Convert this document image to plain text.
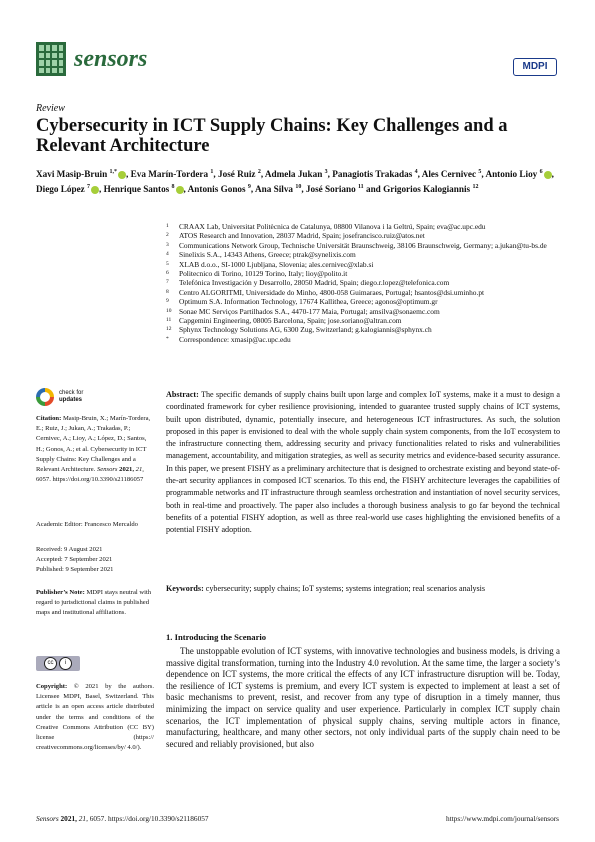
sensors	MDPI
Review
Cybersecurity in ICT Supply Chains: Key Challenges and a Relevant Architecture
Xavi Masip-Bruin $^{1,*}$ , Eva Marín-Tordera $^1$, José Ruiz $^2$, Admela Jukan $^3$, Panagiotis Trakadas $^4$, Ales Cernivec $^5$, Antonio Lioy $^6$ , Diego López $^7$ , Henrique Santos $^8$ , Antonis Gonos $^9$, Ana Silva $^{10}$, José Soriano $^{11}$ and Grigorios Kalogiannis $^{12}$
1	CRAAX Lab, Universitat Politècnica de Catalunya, 08800 Vilanova i la Geltrú, Spain; eva@ac.upc.edu
2	ATOS Research and Innovation, 28037 Madrid, Spain; josefrancisco.ruiz@atos.net
3	Communications Network Group, Technische Universität Braunschweig, 38106 Braunschweig, Germany; a.jukan@tu-bs.de
4	Sinelixis S.A., 14343 Athens, Greece; ptrak@synelixis.com
5	XLAB d.o.o., SI-1000 Ljubljana, Slovenia; ales.cernivec@xlab.si
6	Politecnico di Torino, 10129 Torino, Italy; lioy@polito.it
7	Telefónica Investigación y Desarrollo, 28050 Madrid, Spain; diego.r.lopez@telefonica.com
8	Centro ALGORITMI, Universidade do Minho, 4800-058 Guimaraes, Portugal; hsantos@dsi.uminho.pt
9	Optimum S.A. Information Technology, 17674 Kallithea, Greece; agonos@optimum.gr
10	Sonae MC Serviços Partilhados S.A., 4470-177 Maia, Portugal; amsilva@sonaemc.com
11	Capgemini Engineering, 08005 Barcelona, Spain; jose.soriano@altran.com
12	Sphynx Technology Solutions AG, 6300 Zug, Switzerland; g.kalogiannis@sphynx.ch
*	Correspondence: xmasip@ac.upc.edu
check for
updates
Citation: Masip-Bruin, X.; Marín-Tordera, E.; Ruiz, J.; Jukan, A.; Trakadas, P.; Cernivec, A.; Lioy, A.; López, D.; Santos, H.; Gonos, A.; et al. Cybersecurity in ICT Supply Chains: Key Challenges and a Relevant Architecture. Sensors 2021, 21, 6057. https://doi.org/10.3390/s21186057
Academic Editor: Francesco Mercaldo
Received: 9 August 2021
Accepted: 7 September 2021
Published: 9 September 2021
Publisher’s Note: MDPI stays neutral with regard to jurisdictional claims in published maps and institutional affiliations.
cc	i
Copyright: © 2021 by the authors. Licensee MDPI, Basel, Switzerland. This article is an open access article distributed under the terms and conditions of the Creative Commons Attribution (CC BY) license (https:// creativecommons.org/licenses/by/ 4.0/).
Abstract: The specific demands of supply chains built upon large and complex IoT systems, make it a must to design a coordinated framework for cyber resilience provisioning, intended to guarantee trusted supply chains of ICT systems, built upon distributed, dynamic, potentially insecure, and heterogeneous ICT infrastructures. As such, the solution proposed in this paper is envisioned to deal with the whole supply chain system components, from the IoT ecosystem to the infrastructure connecting them, addressing security and privacy functionalities related to risks and vulnerabilities management, accountability, and mitigation strategies, as well as security metrics and evidence-based security assurance. In this paper, we present FISHY as a preliminary architecture that is designed to orchestrate existing and beyond state-of-the-art security appliances in composed ICT scenarios. To this end, the FISHY architecture leverages the capabilities of programmable networks and IT infrastructure through seamless orchestration and instantiation of novel security services, both in real-time and proactively. The paper also includes a thorough business analysis to go far beyond the technical benefits of a potential FISHY adoption, as well as three real-world use cases highlighting the envisioned benefits of a potential FISHY adoption.
Keywords: cybersecurity; supply chains; IoT systems; systems integration; real scenarios analysis
1. Introducing the Scenario
The unstoppable evolution of ICT systems, with innovative technologies and business models, is driving a massive digital transformation, turning into the Industry 4.0 revolution. At the same time, the larger a society’s dependence on ICT systems, the more critical the effects of any ICT infrastructure disruption will be. Today, the resilience of ICT systems is premium, and every ICT system is expected to implement at least a set of basic mechanisms to prevent, resist, and recover from any type of disruption in a timely manner, thus minimizing the impact on service quality and user experience. Particularly in complex ICT supply chain scenarios, the ICT implementation of physical supply chains, serving multiple actors in finance, manufacturing, healthcare, and many other sectors, not only individual parts of the supply chain need to be secured and reliably provisioned, but also
Sensors 2021, 21, 6057. https://doi.org/10.3390/s21186057	https://www.mdpi.com/journal/sensors
